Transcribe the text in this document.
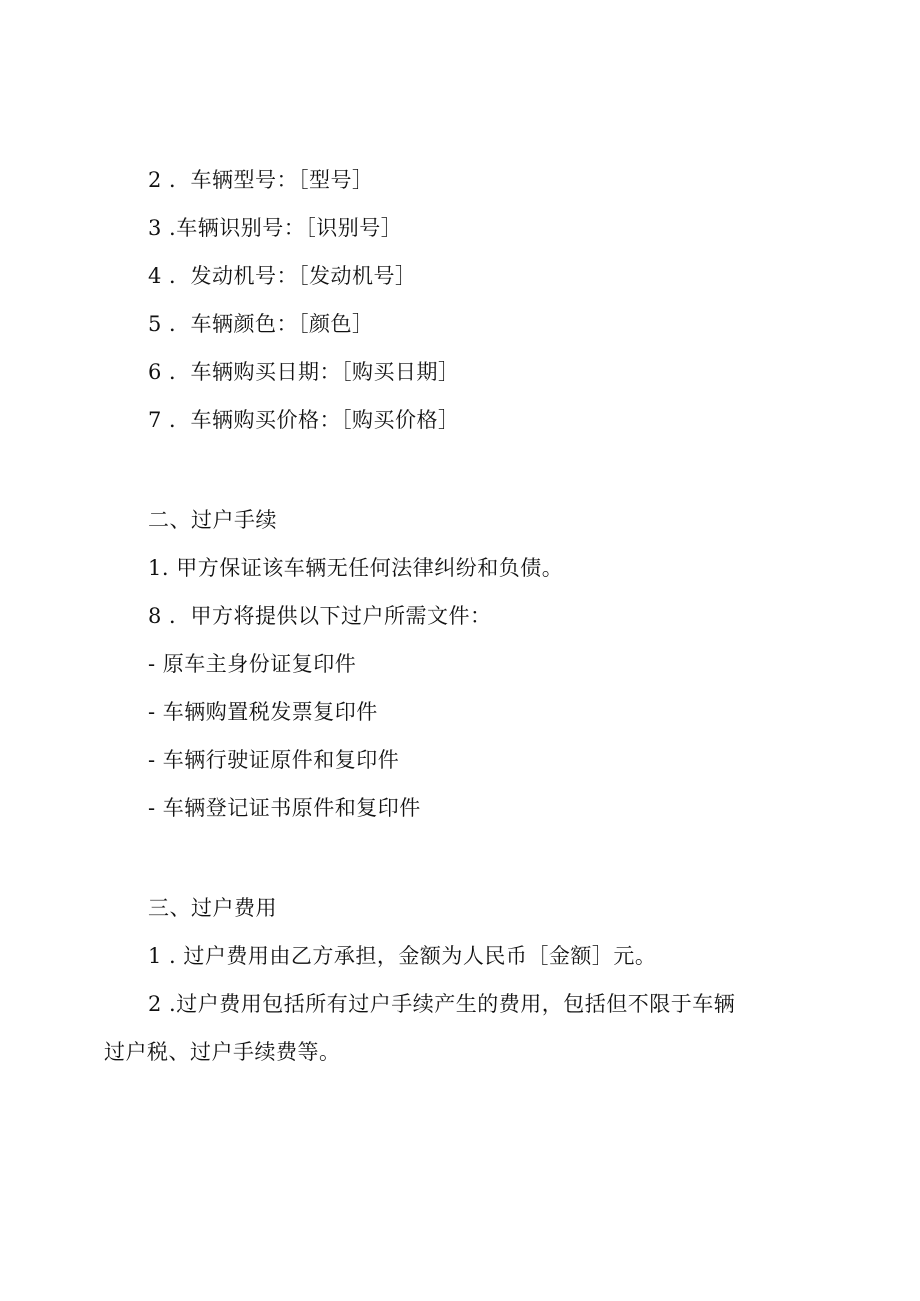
2 ．车辆型号：［型号］
3 .车辆识别号：［识别号］
4 ．发动机号：［发动机号］
5 ．车辆颜色：［颜色］
6 ．车辆购买日期：［购买日期］
7 ．车辆购买价格：［购买价格］
二、过户手续
1. 甲方保证该车辆无任何法律纠纷和负债。
8 ．甲方将提供以下过户所需文件：
- 原车主身份证复印件
- 车辆购置税发票复印件
- 车辆行驶证原件和复印件
- 车辆登记证书原件和复印件
三、过户费用
1 . 过户费用由乙方承担，金额为人民币［金额］元。
2 .过户费用包括所有过户手续产生的费用，包括但不限于车辆
过户税、过户手续费等。
